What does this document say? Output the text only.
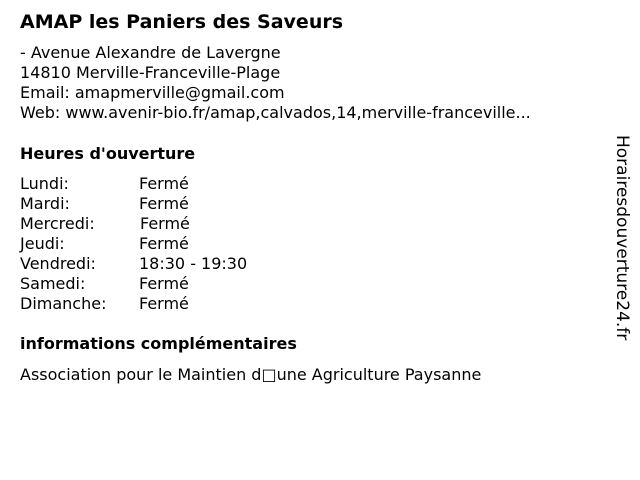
AMAP les Paniers des Saveurs
- Avenue Alexandre de Lavergne
14810 Merville-Franceville-Plage
Email: amapmerville@gmail.com
Web: www.avenir-bio.fr/amap,calvados,14,merville-franceville...
Heures d'ouverture
Lundi:	Fermé
Mardi:	Fermé
Mercredi:	Fermé
Jeudi:	Fermé
Vendredi:	18:30 - 19:30
Samedi:	Fermé
Dimanche: Fermé
informations complémentaires
Association pour le Maintien d□une Agriculture Paysanne
Horairesdouverture24.fr
